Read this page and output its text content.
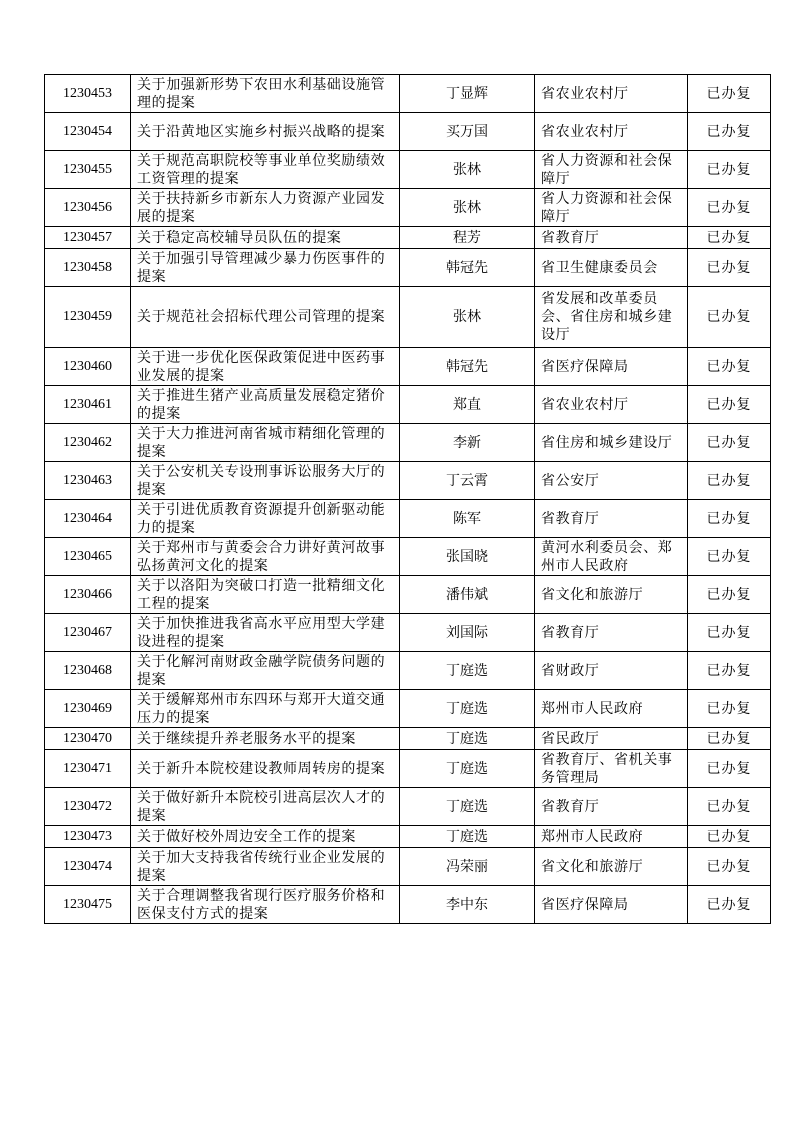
1230453	关于加强新形势下农田水利基础设施管理的提案	丁显辉	省农业农村厅	已办复
1230454	关于沿黄地区实施乡村振兴战略的提案	买万国	省农业农村厅	已办复
1230455	关于规范高职院校等事业单位奖励绩效工资管理的提案	张林	省人力资源和社会保障厅	已办复
1230456	关于扶持新乡市新东人力资源产业园发展的提案	张林	省人力资源和社会保障厅	已办复
1230457	关于稳定高校辅导员队伍的提案	程芳	省教育厅	已办复
1230458	关于加强引导管理减少暴力伤医事件的提案	韩冠先	省卫生健康委员会	已办复
1230459	关于规范社会招标代理公司管理的提案	张林	省发展和改革委员会、省住房和城乡建设厅	已办复
1230460	关于进一步优化医保政策促进中医药事业发展的提案	韩冠先	省医疗保障局	已办复
1230461	关于推进生猪产业高质量发展稳定猪价的提案	郑直	省农业农村厅	已办复
1230462	关于大力推进河南省城市精细化管理的提案	李新	省住房和城乡建设厅	已办复
1230463	关于公安机关专设刑事诉讼服务大厅的提案	丁云霄	省公安厅	已办复
1230464	关于引进优质教育资源提升创新驱动能力的提案	陈军	省教育厅	已办复
1230465	关于郑州市与黄委会合力讲好黄河故事弘扬黄河文化的提案	张国晓	黄河水利委员会、郑州市人民政府	已办复
1230466	关于以洛阳为突破口打造一批精细文化工程的提案	潘伟斌	省文化和旅游厅	已办复
1230467	关于加快推进我省高水平应用型大学建设进程的提案	刘国际	省教育厅	已办复
1230468	关于化解河南财政金融学院债务问题的提案	丁庭选	省财政厅	已办复
1230469	关于缓解郑州市东四环与郑开大道交通压力的提案	丁庭选	郑州市人民政府	已办复
1230470	关于继续提升养老服务水平的提案	丁庭选	省民政厅	已办复
1230471	关于新升本院校建设教师周转房的提案	丁庭选	省教育厅、省机关事务管理局	已办复
1230472	关于做好新升本院校引进高层次人才的提案	丁庭选	省教育厅	已办复
1230473	关于做好校外周边安全工作的提案	丁庭选	郑州市人民政府	已办复
1230474	关于加大支持我省传统行业企业发展的提案	冯荣丽	省文化和旅游厅	已办复
1230475	关于合理调整我省现行医疗服务价格和医保支付方式的提案	李中东	省医疗保障局	已办复
